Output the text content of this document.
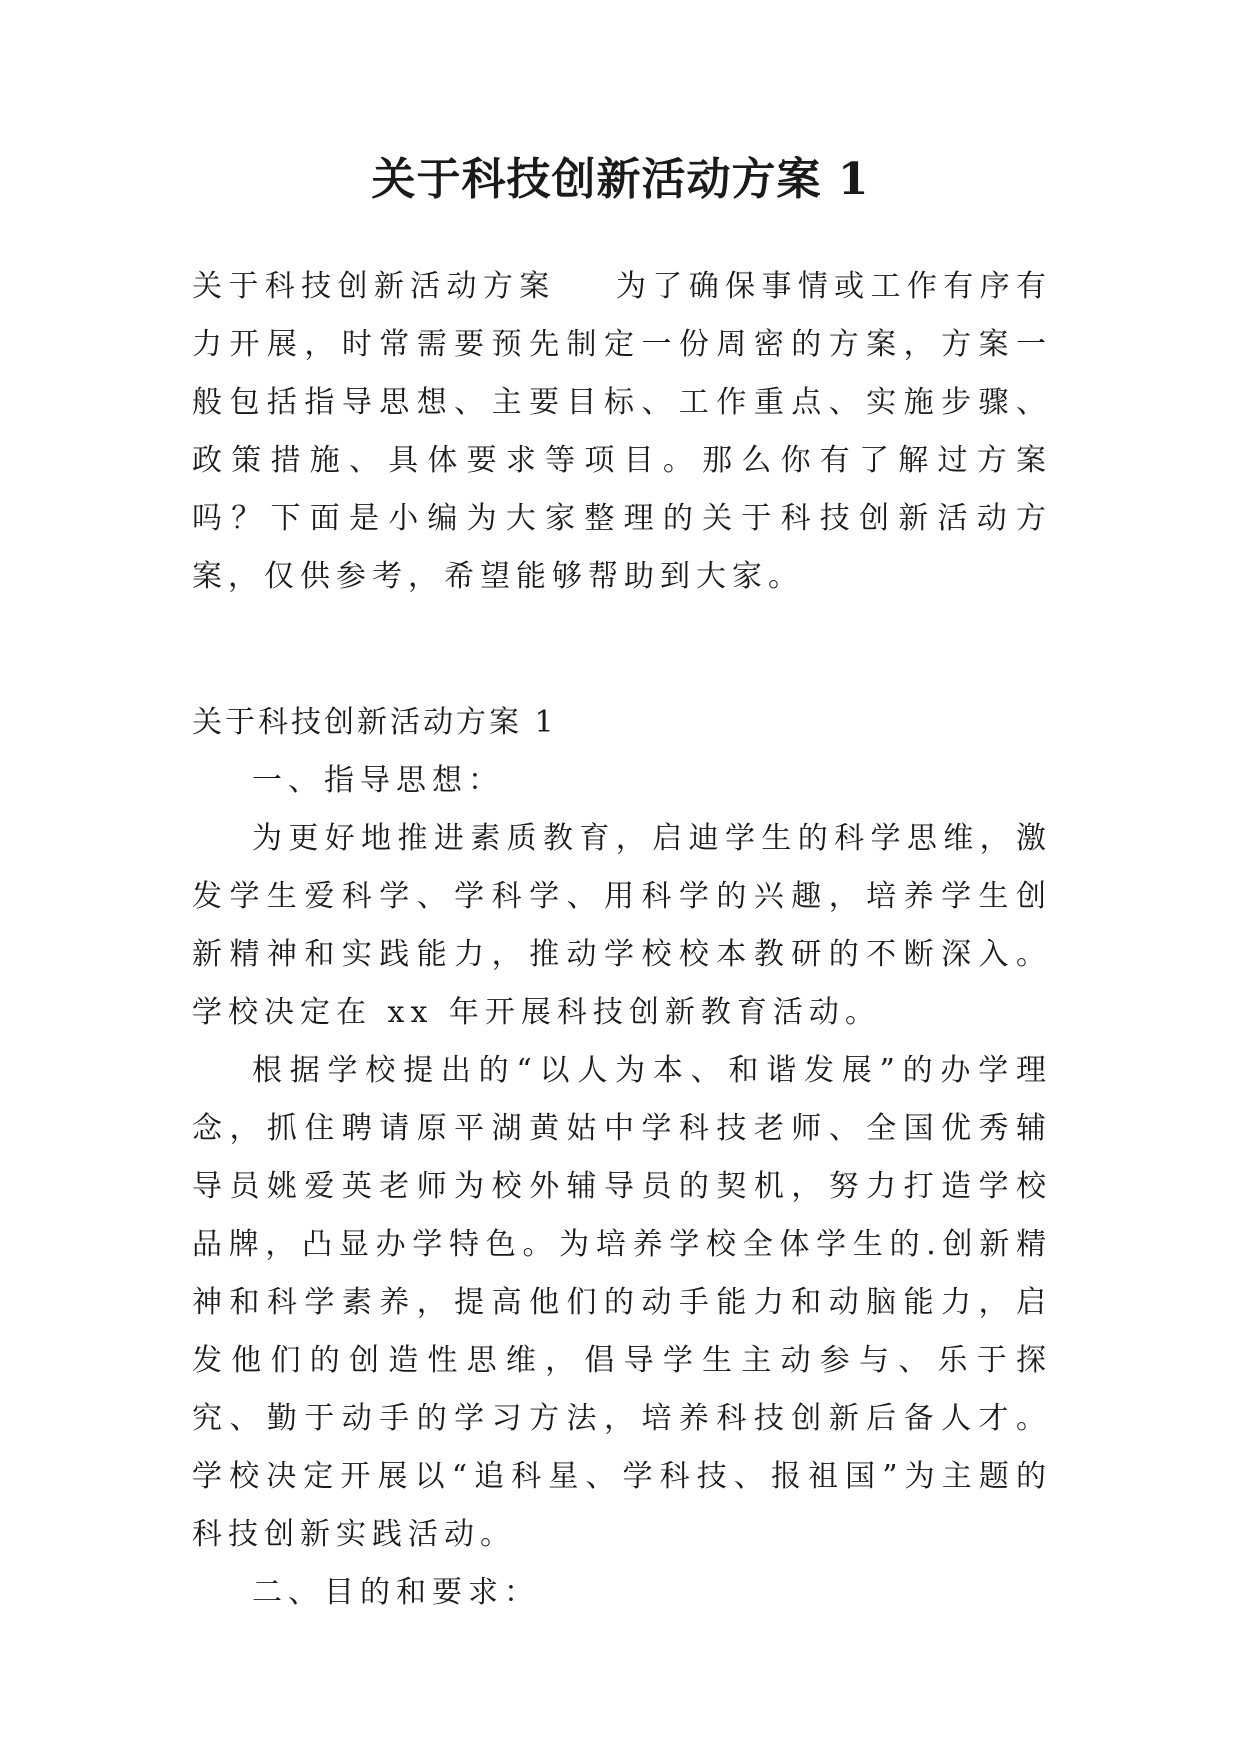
关于科技创新活动方案 1

关于科技创新活动方案 为了确保事情或工作有序有力开展，时常需要预先制定一份周密的方案，方案一般包括指导思想、主要目标、工作重点、实施步骤、政策措施、具体要求等项目。那么你有了解过方案吗？下面是小编为大家整理的关于科技创新活动方案，仅供参考，希望能够帮助到大家。

关于科技创新活动方案 1

一、指导思想：

为更好地推进素质教育，启迪学生的科学思维，激发学生爱科学、学科学、用科学的兴趣，培养学生创新精神和实践能力，推动学校校本教研的不断深入。学校决定在 xx 年开展科技创新教育活动。

根据学校提出的“以人为本、和谐发展”的办学理念，抓住聘请原平湖黄姑中学科技老师、全国优秀辅导员姚爱英老师为校外辅导员的契机，努力打造学校品牌，凸显办学特色。为培养学校全体学生的.创新精神和科学素养，提高他们的动手能力和动脑能力，启发他们的创造性思维，倡导学生主动参与、乐于探究、勤于动手的学习方法，培养科技创新后备人才。学校决定开展以“追科星、学科技、报祖国”为主题的科技创新实践活动。

二、目的和要求：
